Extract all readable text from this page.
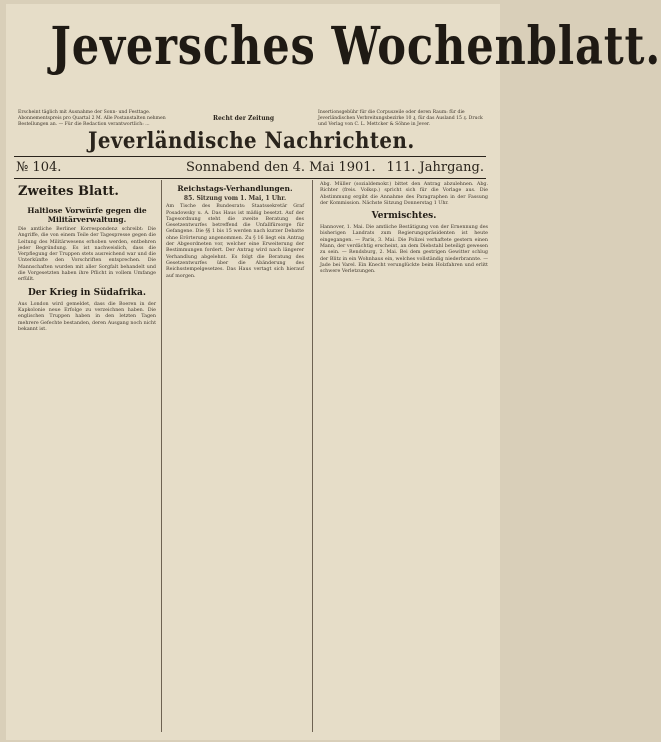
Jeversches Wochenblatt.
Erscheint täglich mit Ausnahme der Sonn- und Festtage. Abonnementspreis pro Quartal 2 M. Alle Postanstalten nehmen Bestellungen an. — Für die Redaction verantwortlich: ...
Recht der Zeitung
Insertionsgebühr für die Corpuszeile oder deren Raum: für die Jeverländischen Verbreitungsbezirke 10 ₰, für das Ausland 15 ₰. Druck und Verlag von C. L. Mettcker & Söhne in Jever.
Jeverländische Nachrichten.
№ 104.	Sonnabend den 4. Mai 1901. 111. Jahrgang.
Zweites Blatt.
Haltlose Vorwürfe gegen die Militärverwaltung.

Die amtliche Berliner Korrespondenz schreibt: Die Angriffe, die von einem Teile der Tagespresse gegen die Leitung des Militärwesens erhoben werden, entbehren jeder Begründung. Es ist nachweislich, dass die Verpflegung der Truppen stets ausreichend war und die Unterkünfte den Vorschriften entsprechen. Die Mannschaften wurden mit aller Sorgfalt behandelt und die Vorgesetzten haben ihre Pflicht in vollem Umfange erfüllt.

Der Krieg in Südafrika.

Aus London wird gemeldet, dass die Boeren in der Kapkolonie neue Erfolge zu verzeichnen haben. Die englischen Truppen haben in den letzten Tagen mehrere Gefechte bestanden, deren Ausgang noch nicht bekannt ist.

Reichstags-Verhandlungen.
85. Sitzung vom 1. Mai, 1 Uhr.

Am Tische des Bundesrats: Staatssekretär Graf Posadowsky u. A. Das Haus ist mäßig besetzt. Auf der Tagesordnung steht die zweite Beratung des Gesetzentwurfes betreffend die Unfallfürsorge für Gefangene. Die §§ 1 bis 15 werden nach kurzer Debatte ohne Erörterung angenommen. Zu § 16 liegt ein Antrag der Abgeordneten vor, welcher eine Erweiterung der Bestimmungen fordert. Der Antrag wird nach längerer Verhandlung abgelehnt. Es folgt die Beratung des Gesetzentwurfes über die Abänderung des Reichsstempelgesetzes. Das Haus vertagt sich hierauf auf morgen.

Abg. Müller (sozialdemokr.) bittet den Antrag abzulehnen. Abg. Richter (freis. Volksp.) spricht sich für die Vorlage aus. Die Abstimmung ergibt die Annahme des Paragraphen in der Fassung der Kommission. Nächste Sitzung Donnerstag 1 Uhr.

Vermischtes.

Hannover, 1. Mai. Die amtliche Bestätigung von der Ernennung des bisherigen Landrats zum Regierungspräsidenten ist heute eingegangen. — Paris, 3. Mai. Die Polizei verhaftete gestern einen Mann, der verdächtig erscheint, an dem Diebstahl beteiligt gewesen zu sein. — Rendsburg, 2. Mai. Bei dem gestrigen Gewitter schlug der Blitz in ein Wohnhaus ein, welches vollständig niederbrannte. — Jade bei Varel. Ein Knecht verunglückte beim Holzfahren und erlitt schwere Verletzungen.
